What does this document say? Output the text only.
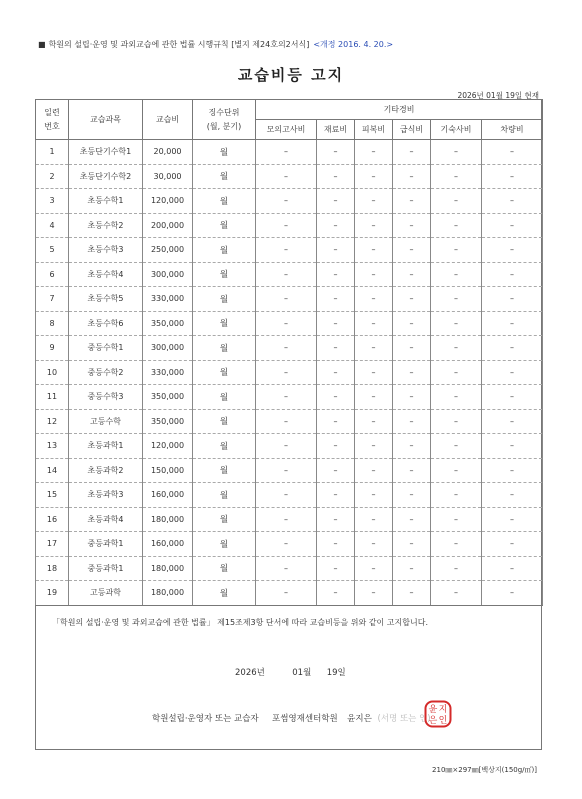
■ 학원의 설립·운영 및 과외교습에 관한 법률 시행규칙 [별지 제24호의2서식] <개정 2016. 4. 20.>
교습비등 고지
2026년 01월 19일 현재
일련
번호	교습과목	교습비	징수단위
(월, 분기)	기타경비					
				모의고사비	재료비	피복비	급식비	기숙사비	차량비
1	초등단기수학1	20,000	월	–	–	–	–	–	–
2	초등단기수학2	30,000	월	–	–	–	–	–	–
3	초등수학1	120,000	월	–	–	–	–	–	–
4	초등수학2	200,000	월	–	–	–	–	–	–
5	초등수학3	250,000	월	–	–	–	–	–	–
6	초등수학4	300,000	월	–	–	–	–	–	–
7	초등수학5	330,000	월	–	–	–	–	–	–
8	초등수학6	350,000	월	–	–	–	–	–	–
9	중등수학1	300,000	월	–	–	–	–	–	–
10	중등수학2	330,000	월	–	–	–	–	–	–
11	중등수학3	350,000	월	–	–	–	–	–	–
12	고등수학	350,000	월	–	–	–	–	–	–
13	초등과학1	120,000	월	–	–	–	–	–	–
14	초등과학2	150,000	월	–	–	–	–	–	–
15	초등과학3	160,000	월	–	–	–	–	–	–
16	초등과학4	180,000	월	–	–	–	–	–	–
17	중등과학1	160,000	월	–	–	–	–	–	–
18	중등과학1	180,000	월	–	–	–	–	–	–
19	고등과학	180,000	월	–	–	–	–	–	–
「학원의 설립·운영 및 과외교습에 관한 법률」 제15조제3항 단서에 따라 교습비등을 위와 같이 고지합니다.
2026년	01월 19일
학원설립·운영자 또는 교습자 포썸영재센터학원 윤지은 (서명 또는 인)
윤 지
은 인
210㎜×297㎜[백상지(150g/㎡)]
